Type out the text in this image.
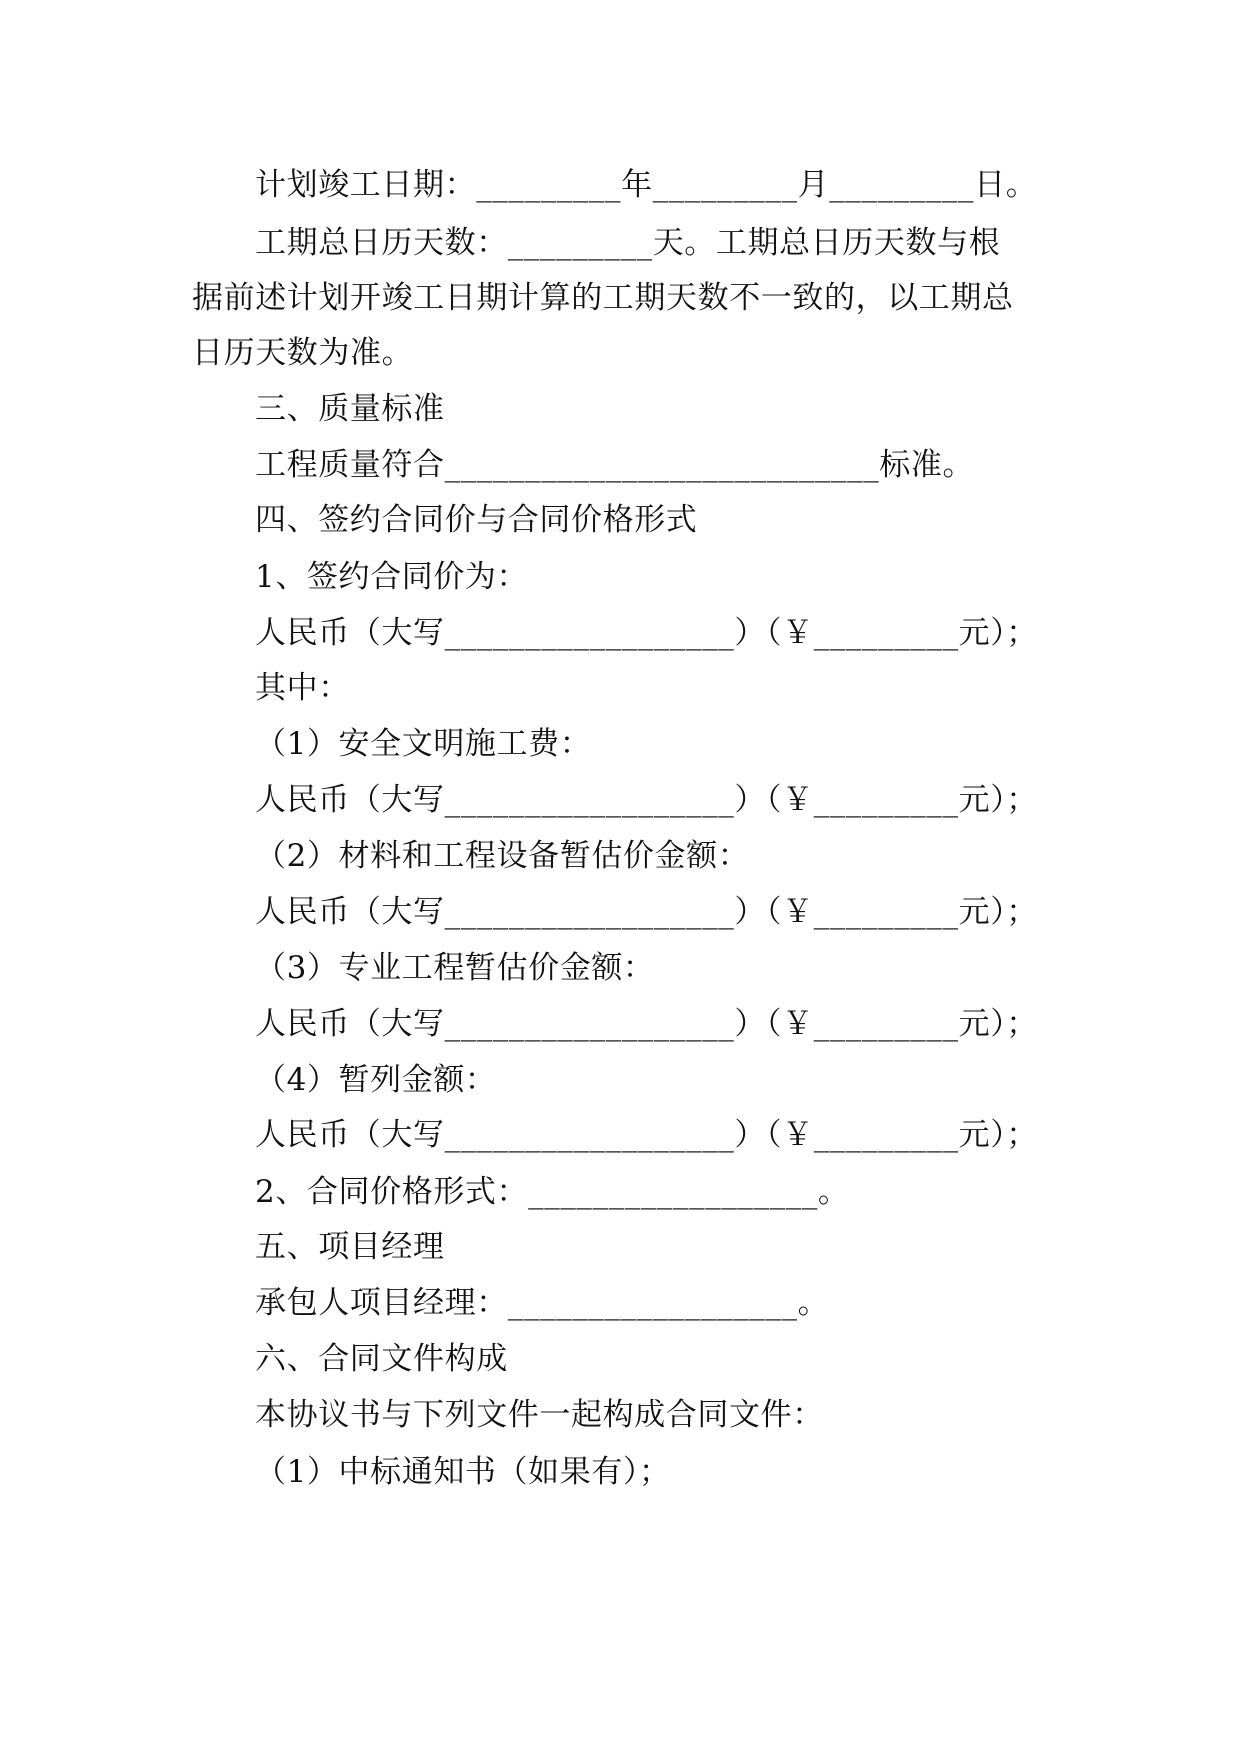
计划竣工日期：_________年_________月_________日。
工期总日历天数：_________天。工期总日历天数与根
据前述计划开竣工日期计算的工期天数不一致的，以工期总
日历天数为准。
三、质量标准
工程质量符合___________________________标准。
四、签约合同价与合同价格形式
1、签约合同价为：
人民币（大写__________________）（￥_________元）；
其中：
（1）安全文明施工费：
人民币（大写__________________）（￥_________元）；
（2）材料和工程设备暂估价金额：
人民币（大写__________________）（￥_________元）；
（3）专业工程暂估价金额：
人民币（大写__________________）（￥_________元）；
（4）暂列金额：
人民币（大写__________________）（￥_________元）；
2、合同价格形式：__________________。
五、项目经理
承包人项目经理：__________________。
六、合同文件构成
本协议书与下列文件一起构成合同文件：
（1）中标通知书（如果有）；
